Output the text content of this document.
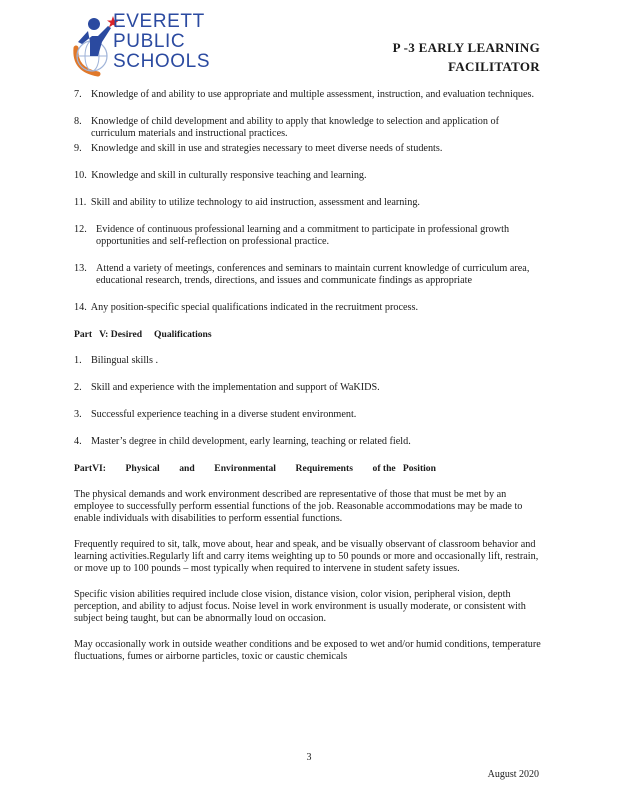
EVERETT
PUBLIC
SCHOOLS
P -3 EARLY LEARNING
FACILITATOR
7. Knowledge of and ability to use appropriate and multiple assessment, instruction, and evaluation techniques.
8. Knowledge of child development and ability to apply that knowledge to selection and application of curriculum materials and instructional practices.
9. Knowledge and skill in use and strategies necessary to meet diverse needs of students.
10. Knowledge and skill in culturally responsive teaching and learning.
11. Skill and ability to utilize technology to aid instruction, assessment and learning.
12. Evidence of continuous professional learning and a commitment to participate in professional growth opportunities and self-reflection on professional practice.
13. Attend a variety of meetings, conferences and seminars to maintain current knowledge of curriculum area, educational research, trends, directions, and issues and communicate findings as appropriate
14. Any position-specific special qualifications indicated in the recruitment process.
Part   V: Desired     Qualifications
1. Bilingual skills .
2. Skill and experience with the implementation and support of WaKIDS.
3. Successful experience teaching in a diverse student environment.
4. Master’s degree in child development, early learning, teaching or related field.
PartVI: Physical and Environmental Requirements of the   Position
The physical demands and work environment described are representative of those that must be met by an employee to successfully perform essential functions of the job. Reasonable accommodations may be made to enable individuals with disabilities to perform essential functions.
Frequently required to sit, talk, move about, hear and speak, and be visually observant of classroom behavior and learning activities.Regularly lift and carry items weighting up to 50 pounds or more and occasionally lift, restrain, or move up to 100 pounds – most typically when required to intervene in student safety issues.
Specific vision abilities required include close vision, distance vision, color vision, peripheral vision, depth perception, and ability to adjust focus. Noise level in work environment is usually moderate, or consistent with subject being taught, but can be abnormally loud on occasion.
May occasionally work in outside weather conditions and be exposed to wet and/or humid conditions, temperature fluctuations, fumes or airborne particles, toxic or caustic chemicals
3
August 2020
